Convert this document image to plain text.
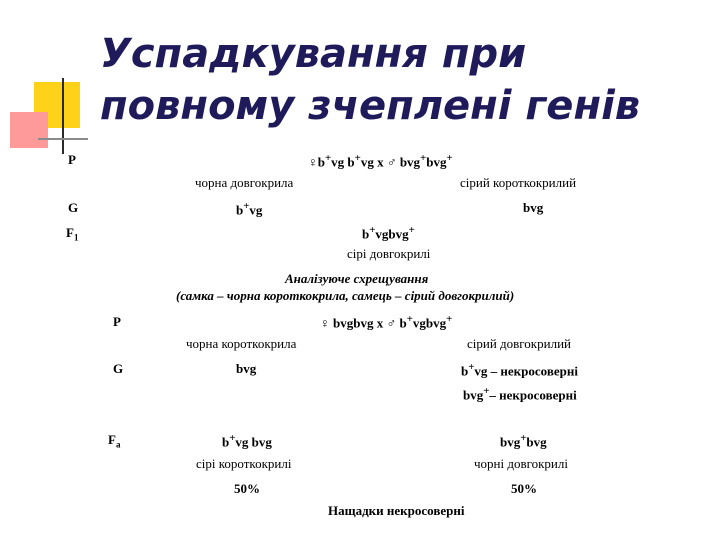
Успадкування при
повному зчеплені генів
P	♀b+vg b+vg x ♂ bvg+bvg+
чорна довгокрила	сірий короткокрилий
G	b+vg	bvg
$F_1$	b+vgbvg+
сірі довгокрилі
Аналізуюче схрещування
(самка – чорна короткокрила, самець – сірий довгокрилий)
P	♀ bvgbvg x ♂ b+vgbvg+
чорна короткокрила	сірий довгокрилий
G	bvg	b+vg – некросоверні
bvg+– некросоверні
$F_a$	b+vg bvg	bvg+bvg
сірі короткокрилі	чорні довгокрилі
50%	50%
Нащадки некросоверні
